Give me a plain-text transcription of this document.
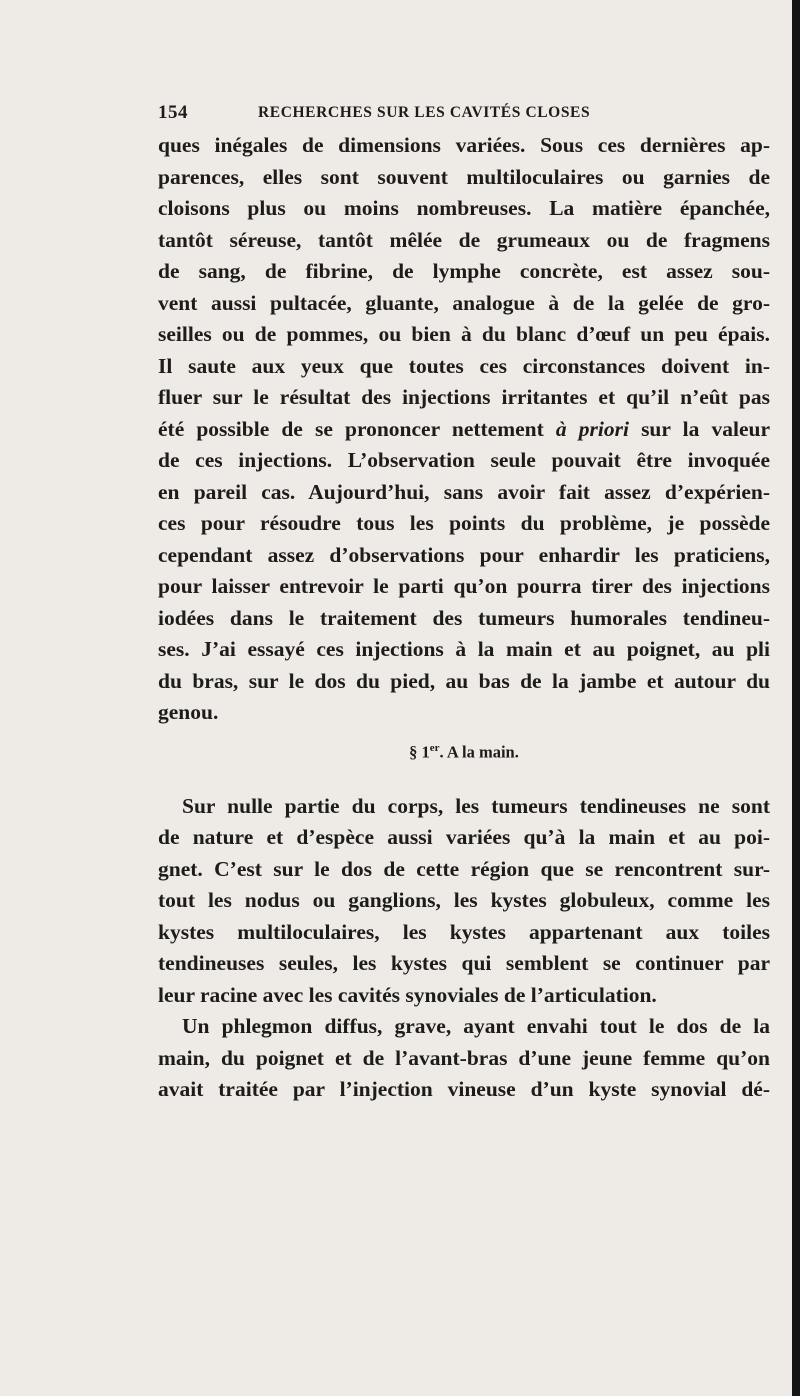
154	RECHERCHES SUR LES CAVITÉS CLOSES
ques inégales de dimensions variées. Sous ces dernières ap-
parences, elles sont souvent multiloculaires ou garnies de
cloisons plus ou moins nombreuses. La matière épanchée,
tantôt séreuse, tantôt mêlée de grumeaux ou de fragmens
de sang, de fibrine, de lymphe concrète, est assez sou-
vent aussi pultacée, gluante, analogue à de la gelée de gro-
seilles ou de pommes, ou bien à du blanc d’œuf un peu épais.
Il saute aux yeux que toutes ces circonstances doivent in-
fluer sur le résultat des injections irritantes et qu’il n’eût pas
été possible de se prononcer nettement à priori sur la valeur
de ces injections. L’observation seule pouvait être invoquée
en pareil cas. Aujourd’hui, sans avoir fait assez d’expérien-
ces pour résoudre tous les points du problème, je possède
cependant assez d’observations pour enhardir les praticiens,
pour laisser entrevoir le parti qu’on pourra tirer des injections
iodées dans le traitement des tumeurs humorales tendineu-
ses. J’ai essayé ces injections à la main et au poignet, au pli
du bras, sur le dos du pied, au bas de la jambe et autour du
genou.
§ 1er. A la main.
Sur nulle partie du corps, les tumeurs tendineuses ne sont
de nature et d’espèce aussi variées qu’à la main et au poi-
gnet. C’est sur le dos de cette région que se rencontrent sur-
tout les nodus ou ganglions, les kystes globuleux, comme les
kystes multiloculaires, les kystes appartenant aux toiles
tendineuses seules, les kystes qui semblent se continuer par
leur racine avec les cavités synoviales de l’articulation.
Un phlegmon diffus, grave, ayant envahi tout le dos de la
main, du poignet et de l’avant-bras d’une jeune femme qu’on
avait traitée par l’injection vineuse d’un kyste synovial dé-
